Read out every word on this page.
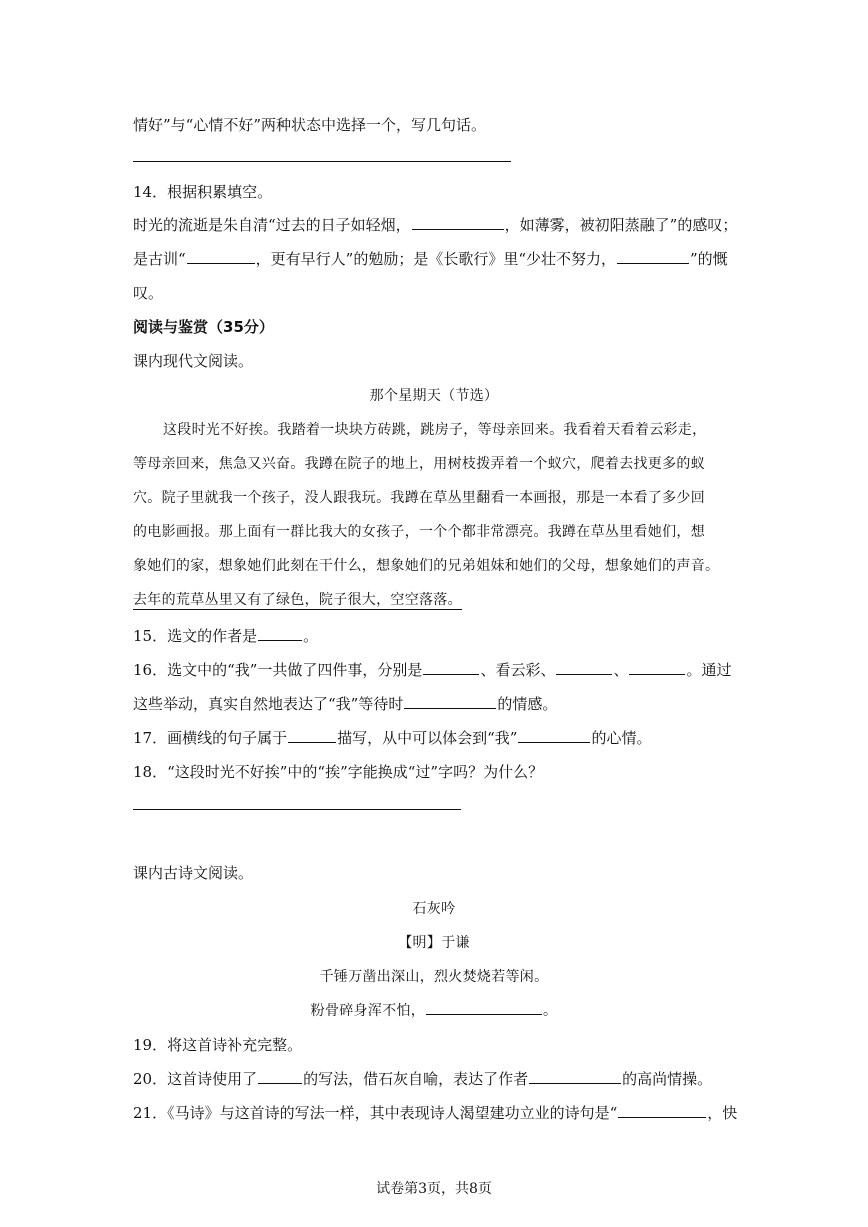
情好”与“心情不好”两种状态中选择一个，写几句话。
14．根据积累填空。
时光的流逝是朱自清“过去的日子如轻烟，	，如薄雾，被初阳蒸融了”的感叹；
是古训“	，更有早行人”的勉励；是《长歌行》里“少壮不努力，	”的慨
叹。
阅读与鉴赏（35分）
课内现代文阅读。
那个星期天（节选）
这段时光不好挨。我踏着一块块方砖跳，跳房子，等母亲回来。我看着天看着云彩走，
等母亲回来，焦急又兴奋。我蹲在院子的地上，用树枝拨弄着一个蚁穴，爬着去找更多的蚁
穴。院子里就我一个孩子，没人跟我玩。我蹲在草丛里翻看一本画报，那是一本看了多少回
的电影画报。那上面有一群比我大的女孩子，一个个都非常漂亮。我蹲在草丛里看她们，想
象她们的家，想象她们此刻在干什么，想象她们的兄弟姐妹和她们的父母，想象她们的声音。
去年的荒草丛里又有了绿色，院子很大，空空落落。
15．选文的作者是	。
16．选文中的“我”一共做了四件事，分别是	、看云彩、	、	。通过
这些举动，真实自然地表达了“我”等待时	的情感。
17．画横线的句子属于	描写，从中可以体会到“我”	的心情。
18．“这段时光不好挨”中的“挨”字能换成“过”字吗？为什么？
课内古诗文阅读。
石灰吟
【明】于谦
千锤万凿出深山，烈火焚烧若等闲。
粉骨碎身浑不怕，	。
19．将这首诗补充完整。
20．这首诗使用了	的写法，借石灰自喻，表达了作者	的高尚情操。
21．《马诗》与这首诗的写法一样，其中表现诗人渴望建功立业的诗句是“	，快
试卷第3页，共8页
